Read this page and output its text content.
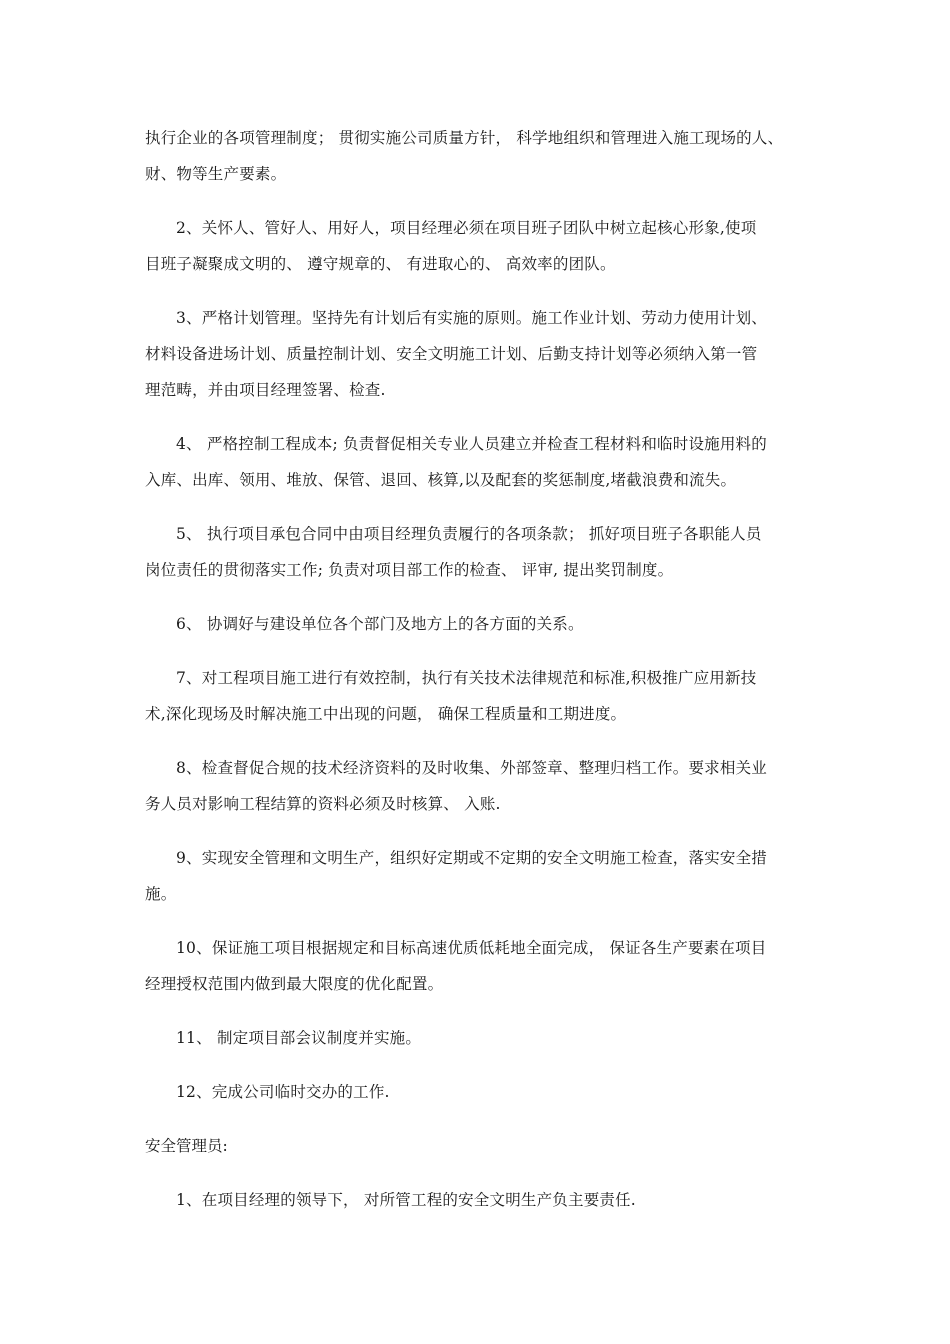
执行企业的各项管理制度； 贯彻实施公司质量方针， 科学地组织和管理进入施工现场的人、
财、物等生产要素。
2、关怀人、管好人、用好人，项目经理必须在项目班子团队中树立起核心形象,使项
目班子凝聚成文明的、 遵守规章的、 有进取心的、 高效率的团队。
3、严格计划管理。坚持先有计划后有实施的原则。施工作业计划、劳动力使用计划、
材料设备进场计划、质量控制计划、安全文明施工计划、后勤支持计划等必须纳入第一管
理范畴，并由项目经理签署、检查.
4、 严格控制工程成本; 负责督促相关专业人员建立并检查工程材料和临时设施用料的
入库、出库、领用、堆放、保管、退回、核算,以及配套的奖惩制度,堵截浪费和流失。
5、 执行项目承包合同中由项目经理负责履行的各项条款； 抓好项目班子各职能人员
岗位责任的贯彻落实工作; 负责对项目部工作的检查、 评审, 提出奖罚制度。
6、 协调好与建设单位各个部门及地方上的各方面的关系。
7、对工程项目施工进行有效控制，执行有关技术法律规范和标准,积极推广应用新技
术,深化现场及时解决施工中出现的问题， 确保工程质量和工期进度。
8、检查督促合规的技术经济资料的及时收集、外部签章、整理归档工作。要求相关业
务人员对影响工程结算的资料必须及时核算、 入账.
9、实现安全管理和文明生产，组织好定期或不定期的安全文明施工检查，落实安全措
施。
10、保证施工项目根据规定和目标高速优质低耗地全面完成， 保证各生产要素在项目
经理授权范围内做到最大限度的优化配置。
11、 制定项目部会议制度并实施。
12、完成公司临时交办的工作.
安全管理员:
1、在项目经理的领导下， 对所管工程的安全文明生产负主要责任.
